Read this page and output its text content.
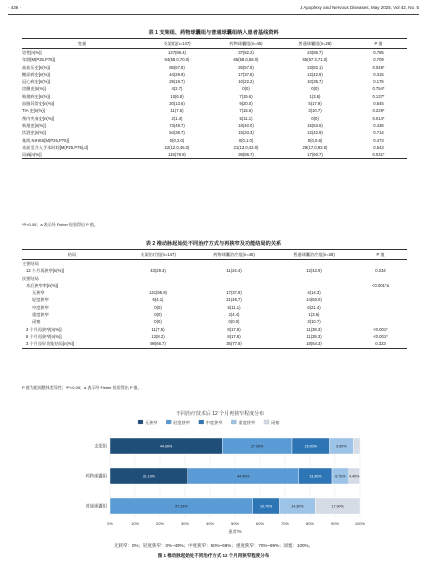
· 436 ·	J Apoplexy and Nervous Diseases, May 2025, Vol 42, No. 5
表 1 支架组、药物球囊组与普通球囊组纳入患者基线资料
变量	支架组(n=147)	药物球囊组(n=45)	普通球囊组(n=28)	P 值
男性[n(%)]	127(86.4)	37(82.2)	24(85.7)	0.785
年龄[M(P25,P75)]	64(58.0,70.0)	65(58.0,68.0)	65(57.3,71.0)	0.709
高血压史[n(%)]	85(57.8)	26(57.8)	23(82.1)	0.048*
糖尿病史[n(%)]	44(29.9)	17(37.8)	12(42.9)	0.315
冠心病史[n(%)]	29(19.7)	10(22.2)	10(35.7)	0.176
房颤史[n(%)]	4(2.7)	0(0)	0(0)	0.754*
吸烟病史[n(%)]	10(6.8)	7(15.6)	1(3.6)	0.137*
血脂异常史[n(%)]	20(13.6)	9(20.0)	5(17.9)	0.545
TIA 史[n(%)]	11(7.5)	7(15.6)	3(10.7)	0.229*
颅内夹血史[n(%)]	2(1.4)	5(11.1)	0(0)	0.014*
吸烟史[n(%)]	73(49.7)	18(40.0)	15(53.6)	0.436
饮酒史[n(%)]	54(36.7)	15(33.3)	12(42.9)	0.714
基线 NIHSS[M(P25,P75)]	0(0,2.0)	0(0,1.0)	0(0,0.8)	0.473
术前至介入手术时间[M(P25,P75),d]	22(12.0,45.0)	21(13.0,42.0)	29(17.0,82.5)	0.543
局麻[n(%)]	116(78.9)	39(86.7)	17(60.7)	0.031*
*P<0.05；a 表示经 Fisher 检验得出 P 值。
表 2 椎动脉起始处不同治疗方式与再狭窄及功能结局的关系
结局	支架治疗组(n=147)	药物球囊治疗组(n=45)	普通球囊治疗组(n=28)	P 值
主要结局				
12 个月再狭窄[n(%)]	43(29.3)	11(24.4)	12(42.9)	0.234
次要结局				
术后狭窄率[n(%)]				<0.001*a
无狭窄	141(95.9)	17(37.8)	4(14.3)	
轻度狭窄	6(4.1)	21(46.7)	14(50.0)	
中度狭窄	0(0)	5(11.1)	6(21.4)	
重度狭窄	0(0)	2(4.4)	1(3.6)	
闭塞	0(0)	0(0.0)	3(10.7)	
3 个月再狭窄[n(%)]	11(7.5)	8(17.8)	11(39.3)	<0.001*
6 个月再狭窄[n(%)]	12(8.2)	8(17.8)	11(39.3)	<0.001*
3 个月良好功能结局[n(%)]	98(66.7)	35(77.8)	18(64.3)	0.323
P 值为组间整体差异性；*P<0.05；a 表示经 Fisher 检验得出 P 值。
不同治疗技术后 12 个月再狭窄程度分布
无狭窄	轻度狭窄	中度狭窄	重度狭窄	闭塞
0%	10%	20%	30%	40%	50%	60%	70%	80%	90%	100%
患者/%
支架组	44.90%	27.90%	15.00%	9.50%
药物球囊组	31.10%	44.40%	13.30%	6.70% 4.40%
普通球囊组	57.10%	10.70%	14.30%	17.90%
无狭窄：0%；轻度狭窄：0%~49%；中度狭窄：50%~69%；重度狭窄：70%~99%；闭塞：100%。
图 1 椎动脉起始处不同治疗方式 12 个月再狭窄程度分布
